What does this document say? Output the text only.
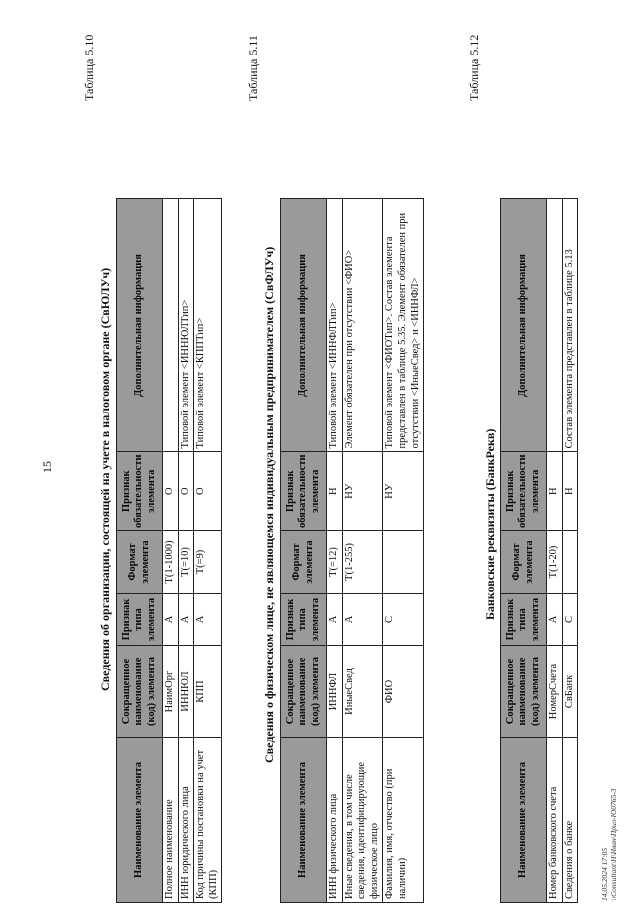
15
Таблица 5.10
Сведения об организации, состоящей на учете в налоговом органе (СвЮЛУч)
Наименование элемента	Сокращенное наименование (код) элемента	Признак типа элемента	Формат элемента	Признак обязательности элемента	Дополнительная информация
Полное наименование	НаимОрг	А	T(1-1000)	О	
ИНН юридического лица	ИННЮЛ	А	T(=10)	О	Типовой элемент <ИННЮЛТип>
Код причины постановки на учет (КПП)	КПП	А	T(=9)	О	Типовой элемент <КППТип>
Таблица 5.11
Сведения о физическом лице, не являющемся индивидуальным предпринимателем (СвФЛУч)
Наименование элемента	Сокращенное наименование (код) элемента	Признак типа элемента	Формат элемента	Признак обязательности элемента	Дополнительная информация
ИНН физического лица	ИННФЛ	А	T(=12)	Н	Типовой элемент <ИННФЛТип>
Иные сведения, в том числе сведения, идентифицирующие физическое лицо	ИныеСвед	А	T(1-255)	НУ	Элемент обязателен при отсутствии <ФИО>
Фамилия, имя, отчество (при наличии)	ФИО	С		НУ	Типовой элемент <ФИОТип>. Состав элемента представлен в таблице 5.35. Элемент обязателен при отсутствии <ИныеСвед> и <ИННФЛ>
Таблица 5.12
Банковские реквизиты (БанкРекв)
Наименование элемента	Сокращенное наименование (код) элемента	Признак типа элемента	Формат элемента	Признак обязательности элемента	Дополнительная информация
Номер банковского счета	НомерСчета	А	T(1-20)	Н	
Сведения о банке	СвБанк	С		Н	Состав элемента представлен в таблице 5.13
14.05.2024 17:05 \\Consultant\H\Иван\Прил-Ю0765-3
